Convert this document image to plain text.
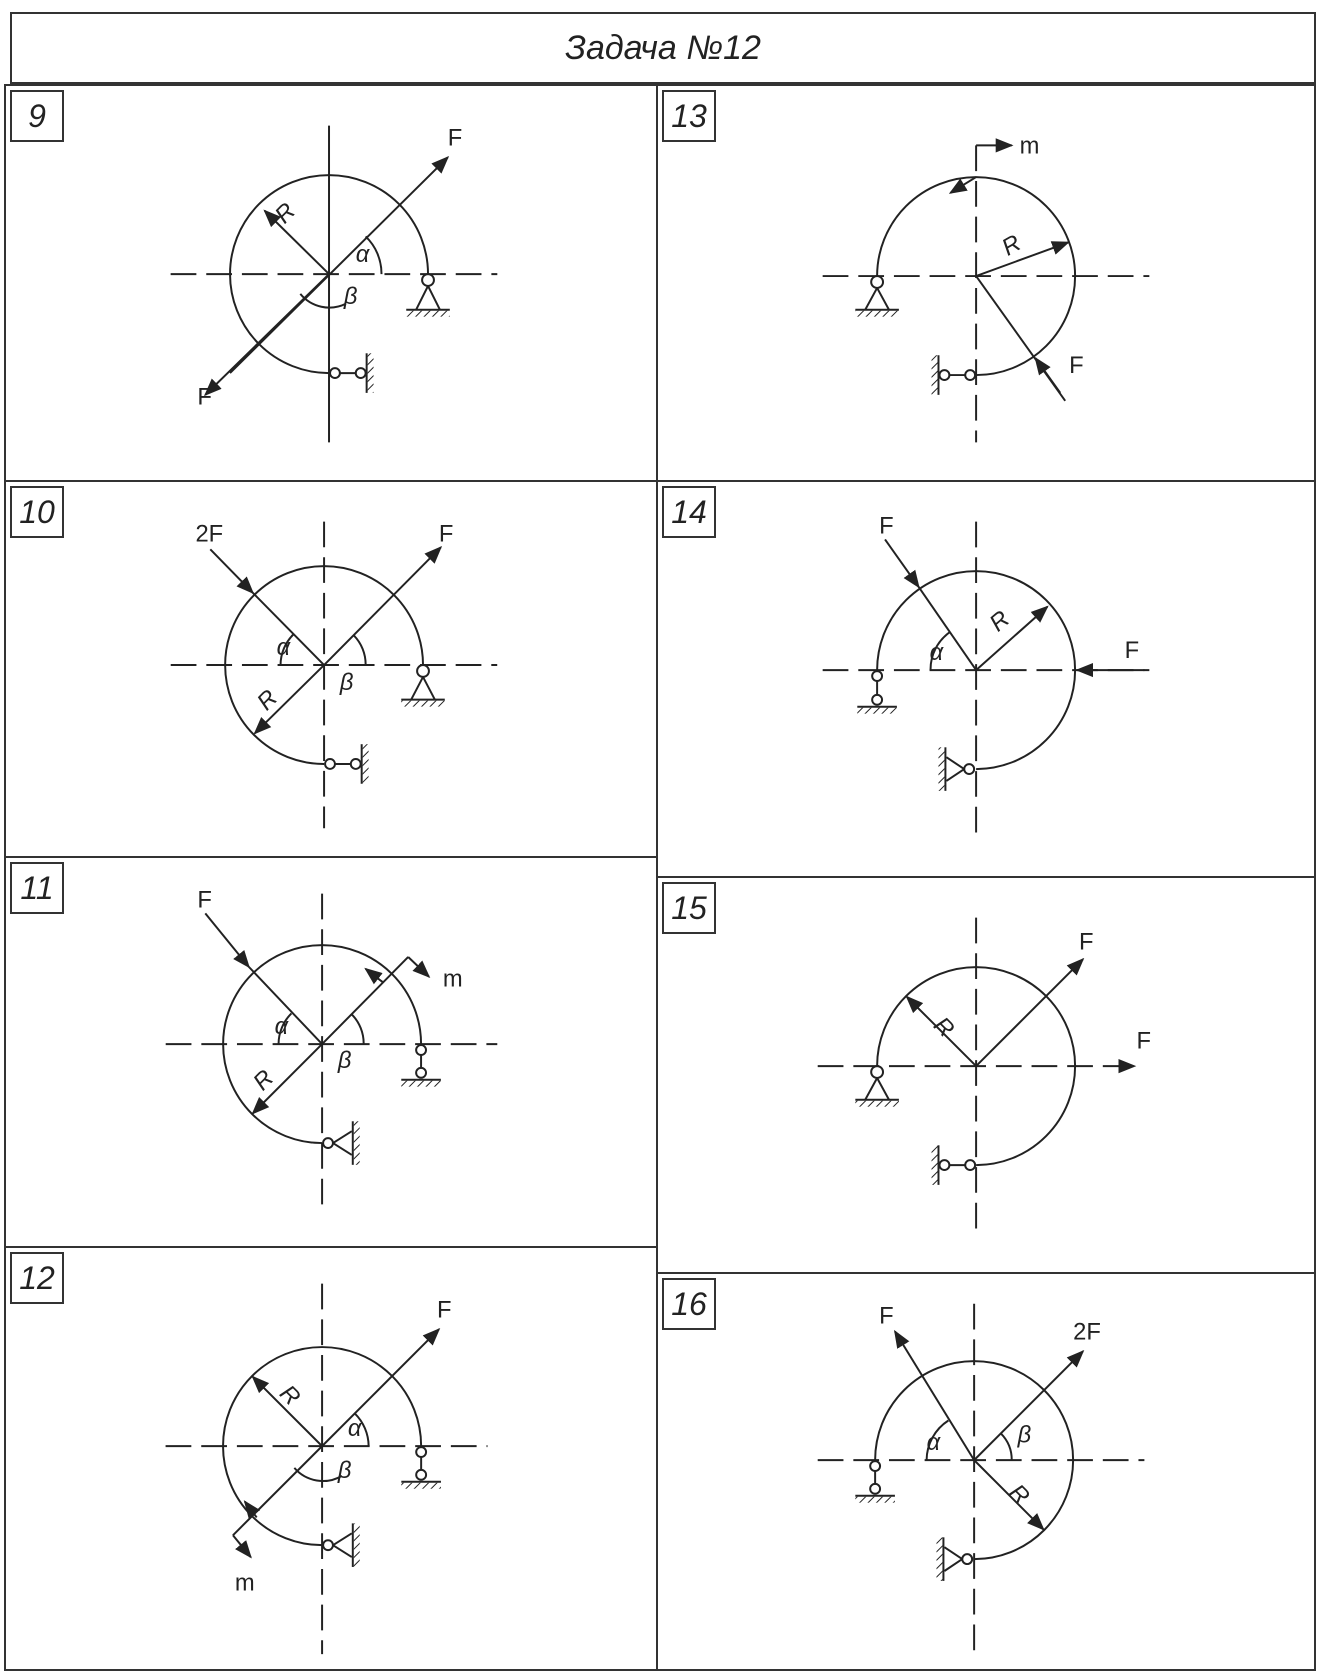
Задача №12
9
F
F
R
α
β
13
m
R
F
10
2F	F
α
R
β
14	F
F
α
R
11	F
m
α
R
β
15
F
F
R
12
F
R
α
β
m
16	F
2F
α	β
R
